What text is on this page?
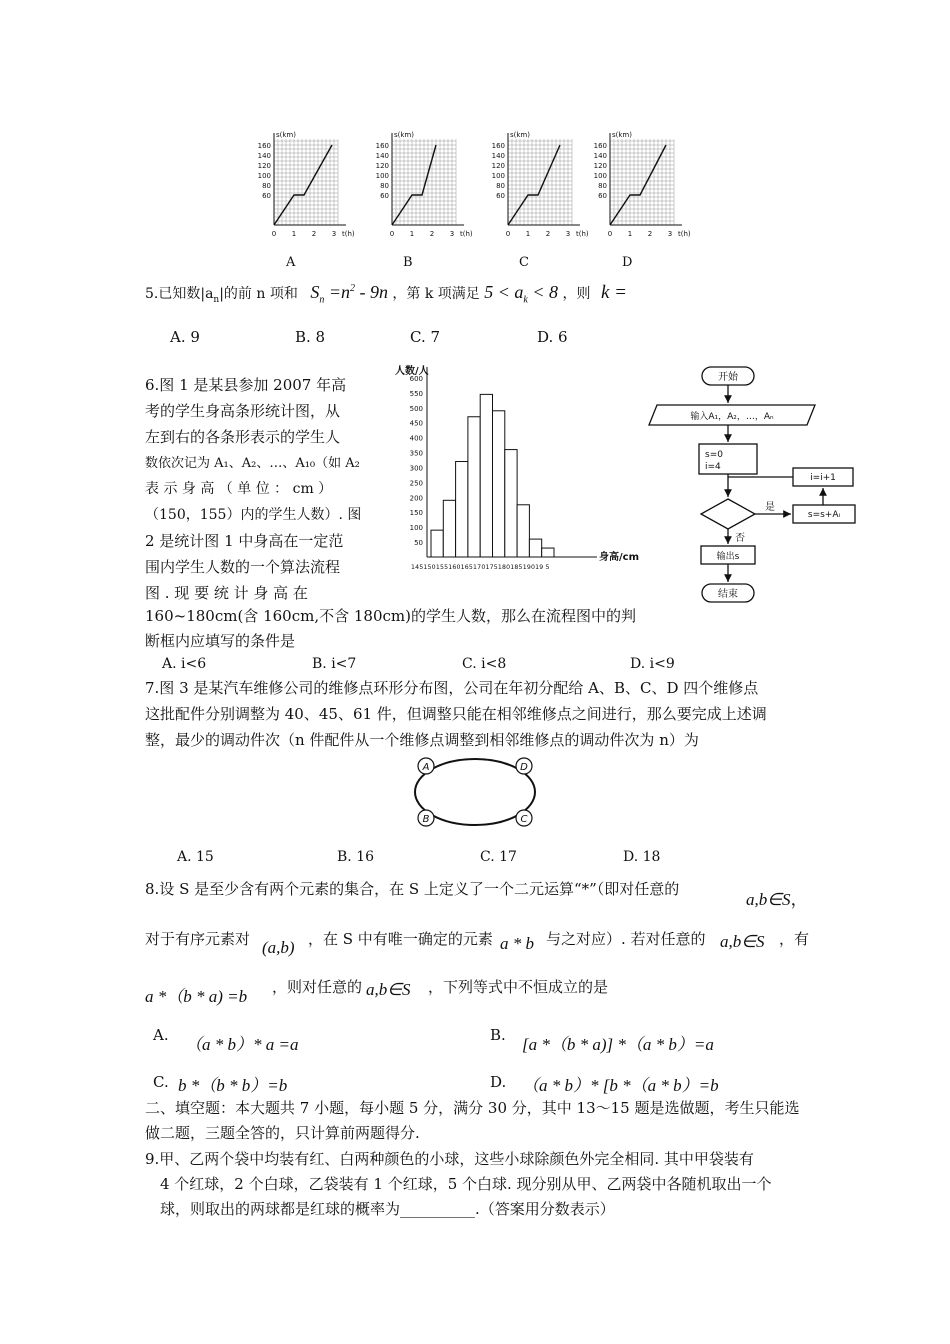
s(km)
t(h)
160
140
120
100
80
60
0 1 2 3
s(km)
t(h)
160
140
120
100
80
60
0 1 2 3
s(km)
t(h)
160
140
120
100
80
60
0 1 2 3
s(km)
t(h)
160
140
120
100
80
60
0 1 2 3
A	B	C	D
5.已知数$|a_n|$的前 n 项和 $S_n =n^2 - 9n$ ，第 k 项满足 $5 < a_k < 8$ ，则 k =
A. 9	B. 8	C. 7	D. 6
6.图 1 是某县参加 2007 年高
考的学生身高条形统计图，从
左到右的各条形表示的学生人
数依次记为 A₁、A₂、…、A₁₀（如 A₂
表 示 身 高 （ 单 位 ： cm ）
（150，155）内的学生人数）. 图
2 是统计图 1 中身高在一定范
围内学生人数的一个算法流程
图 . 现 要 统 计 身 高 在
160~180cm(含 160cm,不含 180cm)的学生人数，那么在流程图中的判
断框内应填写的条件是
A. i<6	B. i<7	C. i<8	D. i<9
人数/人
身高/cm
600
550
500
450
400
350
300
250
200
150
100
50
14515015516016517017518018519019 5
开始
输入A₁，A₂，…，Aₙ
s=0
i=4
i=i+1
是
s=s+Aᵢ
否
输出s
结束
7.图 3 是某汽车维修公司的维修点环形分布图，公司在年初分配给 A、B、C、D 四个维修点
这批配件分别调整为 40、45、61 件，但调整只能在相邻维修点之间进行，那么要完成上述调
整，最少的调动件次（n 件配件从一个维修点调整到相邻维修点的调动件次为 n）为
A	D
B	C
A. 15	B. 16	C. 17	D. 18
8.设 S 是至少含有两个元素的集合，在 S 上定义了一个二元运算“*”（即对任意的
a,b∈S，
对于有序元素对 (a,b) ，在 S 中有唯一确定的元素 a * b 与之对应）. 若对任意的 a,b∈S ，有
a *（b * a) =b ，则对任意的 a,b∈S ，下列等式中不恒成立的是
A. （a * b）* a =a	B. [a *（b * a)] *（a * b）=a
C. b *（b * b）=b	D. （a * b）* [b *（a * b）=b
二、填空题：本大题共 7 小题，每小题 5 分，满分 30 分，其中 13～15 题是选做题，考生只能选
做二题，三题全答的，只计算前两题得分.
9.甲、乙两个袋中均装有红、白两种颜色的小球，这些小球除颜色外完全相同. 其中甲袋装有
4 个红球，2 个白球，乙袋装有 1 个红球，5 个白球. 现分别从甲、乙两袋中各随机取出一个
球，则取出的两球都是红球的概率为__________.（答案用分数表示）
